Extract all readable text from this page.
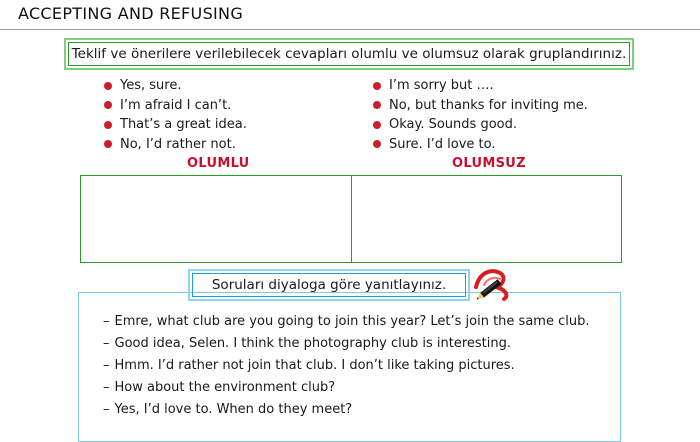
ACCEPTING AND REFUSING
Teklif ve önerilere verilebilecek cevapları olumlu ve olumsuz olarak gruplandırınız.
Yes, sure.
I’m afraid I can’t.
That’s a great idea.
No, I’d rather not.
I’m sorry but ….
No, but thanks for inviting me.
Okay. Sounds good.
Sure. I’d love to.
OLUMLU	OLUMSUZ
Soruları diyaloga göre yanıtlayınız.
– Emre, what club are you going to join this year? Let’s join the same club.
– Good idea, Selen. I think the photography club is interesting.
– Hmm. I’d rather not join that club. I don’t like taking pictures.
– How about the environment club?
– Yes, I’d love to. When do they meet?
